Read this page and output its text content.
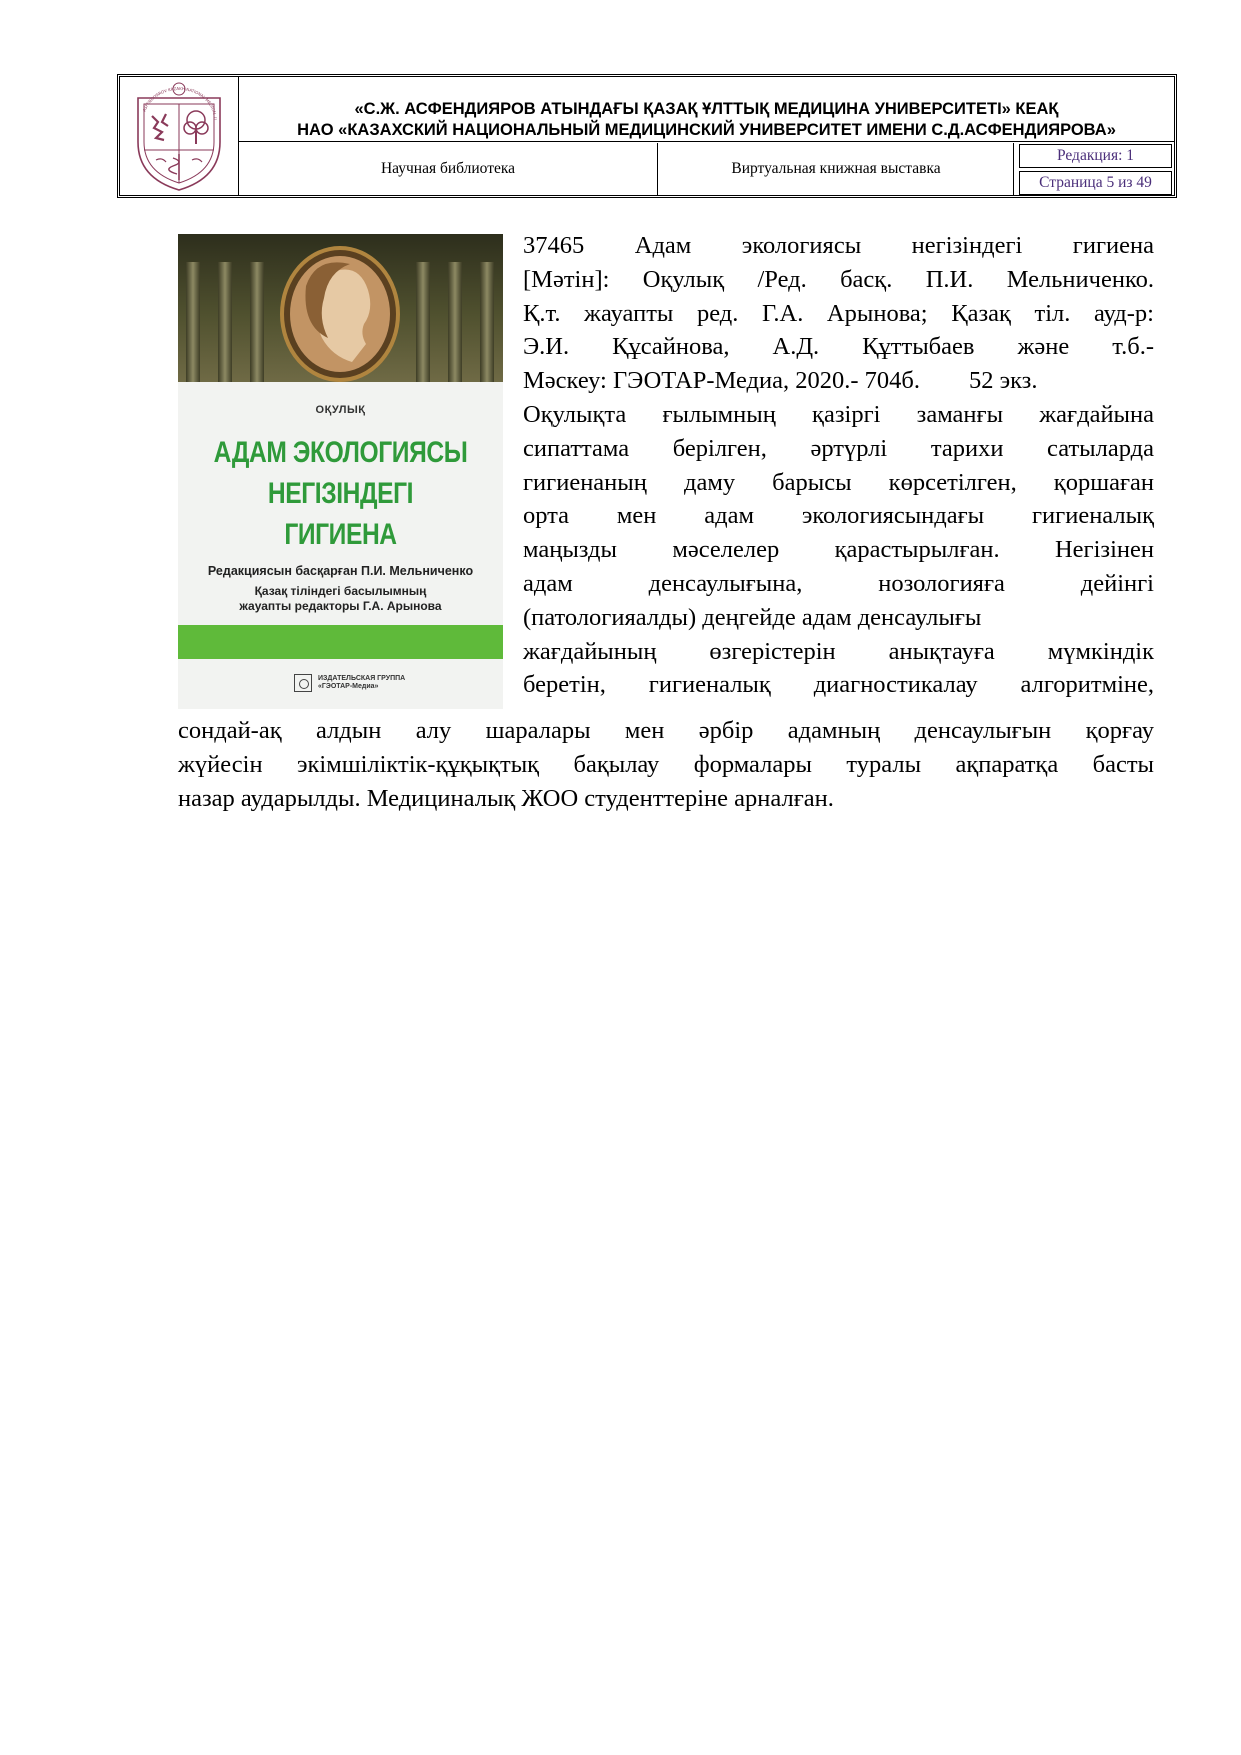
ASFENDIYAROV KAZAKH NATIONAL MEDICAL U
«С.Ж. АСФЕНДИЯРОВ АТЫНДАҒЫ ҚАЗАҚ ҰЛТТЫҚ МЕДИЦИНА УНИВЕРСИТЕТІ» КЕАҚ
НАО «КАЗАХСКИЙ НАЦИОНАЛЬНЫЙ МЕДИЦИНСКИЙ УНИВЕРСИТЕТ ИМЕНИ С.Д.АСФЕНДИЯРОВА»
Научная библиотека	Виртуальная книжная выставка
Редакция: 1
Страница 5 из 49
ОҚУЛЫҚ
АДАМ ЭКОЛОГИЯСЫ
НЕГІЗІНДЕГІ
ГИГИЕНА
Редакциясын басқарған П.И. Мельниченко
Қазақ тіліндегі басылымның
жауапты редакторы Г.А. Арынова
ИЗДАТЕЛЬСКАЯ ГРУППА
«ГЭОТАР-Медиа»
37465 Адам экологиясы негізіндегі гигиена
[Мәтін]: Оқулық /Ред. басқ. П.И. Мельниченко.
Қ.т. жауапты ред. Г.А. Арынова; Қазақ тіл. ауд-р:
Э.И. Құсайнова, А.Д. Құттыбаев және т.б.-
Мәскеу: ГЭОТАР-Медиа, 2020.- 704б.        52 экз.
Оқулықта ғылымның қазіргі заманғы жағдайына
сипаттама берілген, әртүрлі тарихи сатыларда
гигиенаның даму барысы көрсетілген, қоршаған
орта мен адам экологиясындағы гигиеналық
маңызды мәселелер қарастырылған. Негізінен
адам денсаулығына, нозологияға дейінгі
(патологияалды) деңгейде адам денсаулығы
жағдайының өзгерістерін анықтауға мүмкіндік
беретін, гигиеналық диагностикалау алгоритміне,
сондай-ақ алдын алу шаралары мен әрбір адамның денсаулығын қорғау
жүйесін экімшіліктік-құқықтық бақылау формалары туралы ақпаратқа басты
назар аударылды. Медициналық ЖОО студенттеріне арналған.
